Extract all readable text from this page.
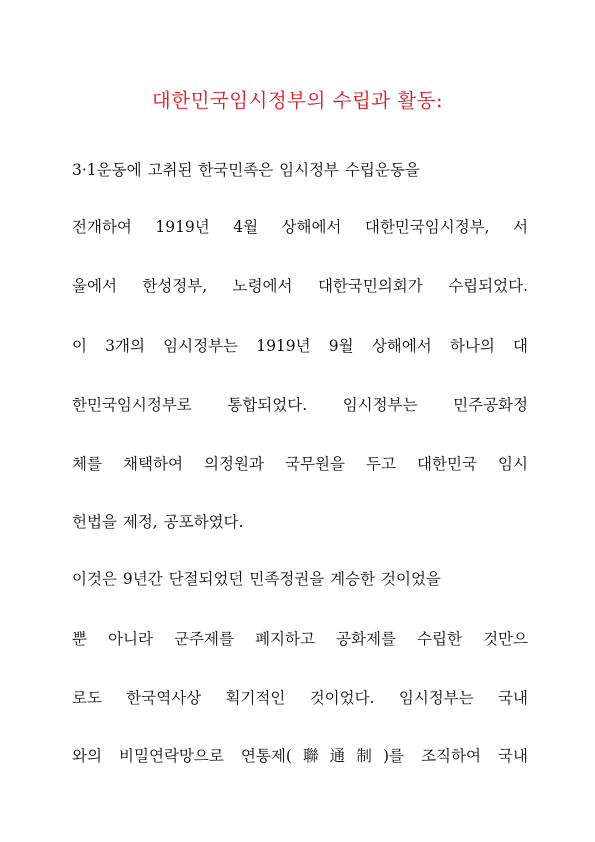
대한민국임시정부의 수립과 활동:
3·1운동에 고취된 한국민족은 임시정부 수립운동을
전개하여 1919년 4월 상해에서 대한민국임시정부, 서
울에서 한성정부, 노령에서 대한국민의회가 수립되었다.
이 3개의 임시정부는 1919년 9월 상해에서 하나의 대
한민국임시정부로 통합되었다. 임시정부는 민주공화정
체를 채택하여 의정원과 국무원을 두고 대한민국 임시
헌법을 제정, 공포하였다.
이것은 9년간 단절되었던 민족정권을 계승한 것이었을
뿐 아니라 군주제를 폐지하고 공화제를 수립한 것만으
로도 한국역사상 획기적인 것이었다. 임시정부는 국내
와의 비밀연락망으로 연통제(聯通制)를 조직하여 국내
